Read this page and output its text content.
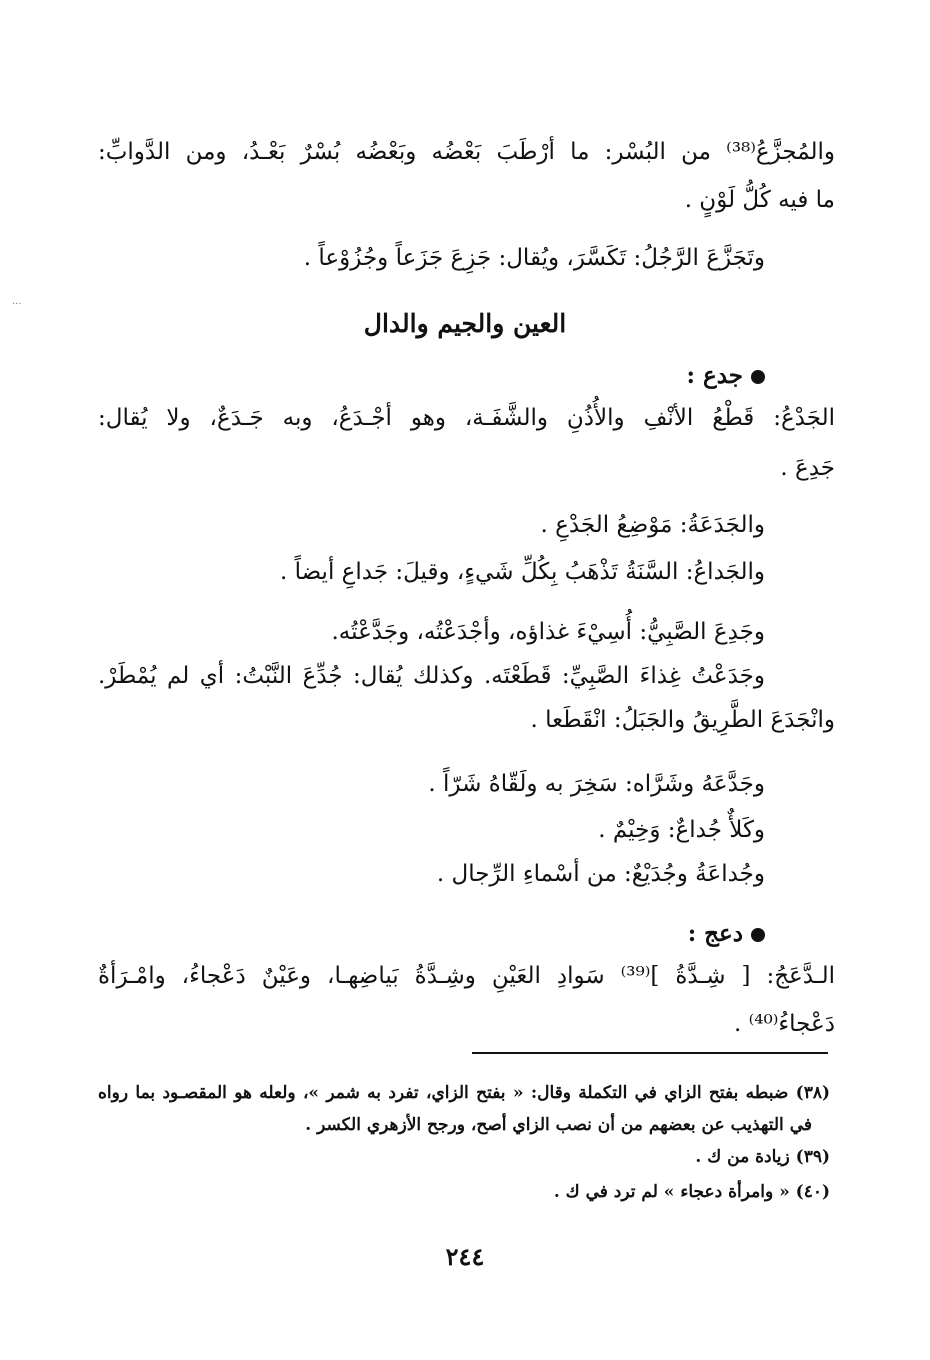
...
والمُجزَّعُ⁽³⁸⁾ من البُسْر: ما أرْطَبَ بَعْضُه وبَعْضُه بُسْرٌ بَعْـدُ، ومن الدَّوابِّ:
ما فيه كُلُّ لَوْنٍ .
وتَجَزَّعَ الرَّجُلُ: تَكَسَّرَ، ويُقال: جَزِعَ جَزَعاً وجُزُوْعاً .
العين والجيم والدال
جدع :
الجَدْعُ: قَطْعُ الأنْفِ والأُذُنِ والشَّفَـة، وهو أجْـدَعُ، وبه جَـدَعٌ، ولا يُقال:
جَدِعَ .
والجَدَعَةُ: مَوْضِعُ الجَدْعِ .
والجَداعُ: السَّنَةُ تَذْهَبُ بِكُلِّ شَيءٍ، وقيلَ: جَداعِ أيضاً .
وجَدِعَ الصَّبِيُّ: أُسِيْءَ غذاؤه، وأجْدَعْتُه، وجَدَّعْتُه.
وجَدَعْتُ غِذاءَ الصَّبِيِّ: قَطَعْتَه. وكذلك يُقال: جُدِّعَ النَّبْتُ: أي لم يُمْطَرْ.
وانْجَدَعَ الطَّرِيقُ والجَبَلُ: انْقَطَعا .
وجَدَّعَهُ وشَرَّاه: سَخِرَ به ولَقّاهُ شَرّاً .
وكَلأٌ جُداعٌ: وَخِيْمٌ .
وجُداعَةُ وجُدَيْعٌ: من أسْماءِ الرِّجال .
دعج :
الـدَّعَجُ: [ شِـدَّةُ ]⁽³⁹⁾ سَوادِ العَيْنِ وشِـدَّةُ بَياضِهـا، وعَيْنٌ دَعْجاءُ، وامْـرَأةٌ
دَعْجاءُ⁽⁴⁰⁾ .
(٣٨) ضبطه بفتح الزاي في التكملة وقال: « بفتح الزاي، تفرد به شمر »، ولعله هو المقصـود بما رواه
في التهذيب عن بعضهم من أن نصب الزاي أصح، ورجح الأزهري الكسر .
(٣٩) زيادة من ك .
(٤٠) « وامرأة دعجاء » لم ترد في ك .
٢٤٤
